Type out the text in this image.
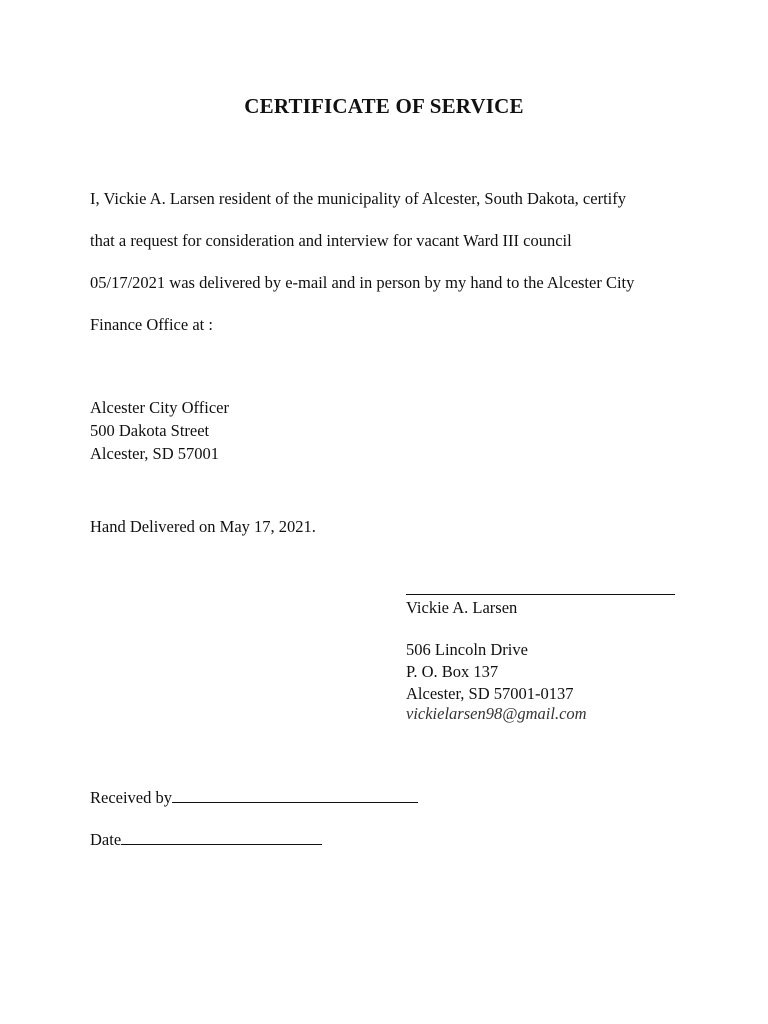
CERTIFICATE OF SERVICE
I, Vickie A. Larsen resident of the municipality of Alcester, South Dakota, certify
that a request for consideration and interview for vacant Ward III council
05/17/2021 was delivered by e-mail and in person by my hand to the Alcester City
Finance Office at :
Alcester City Officer
500 Dakota Street
Alcester, SD 57001
Hand Delivered on May 17, 2021.
Vickie A. Larsen
506 Lincoln Drive
P. O. Box 137
Alcester, SD 57001-0137
vickielarsen98@gmail.com
Received by
Date
